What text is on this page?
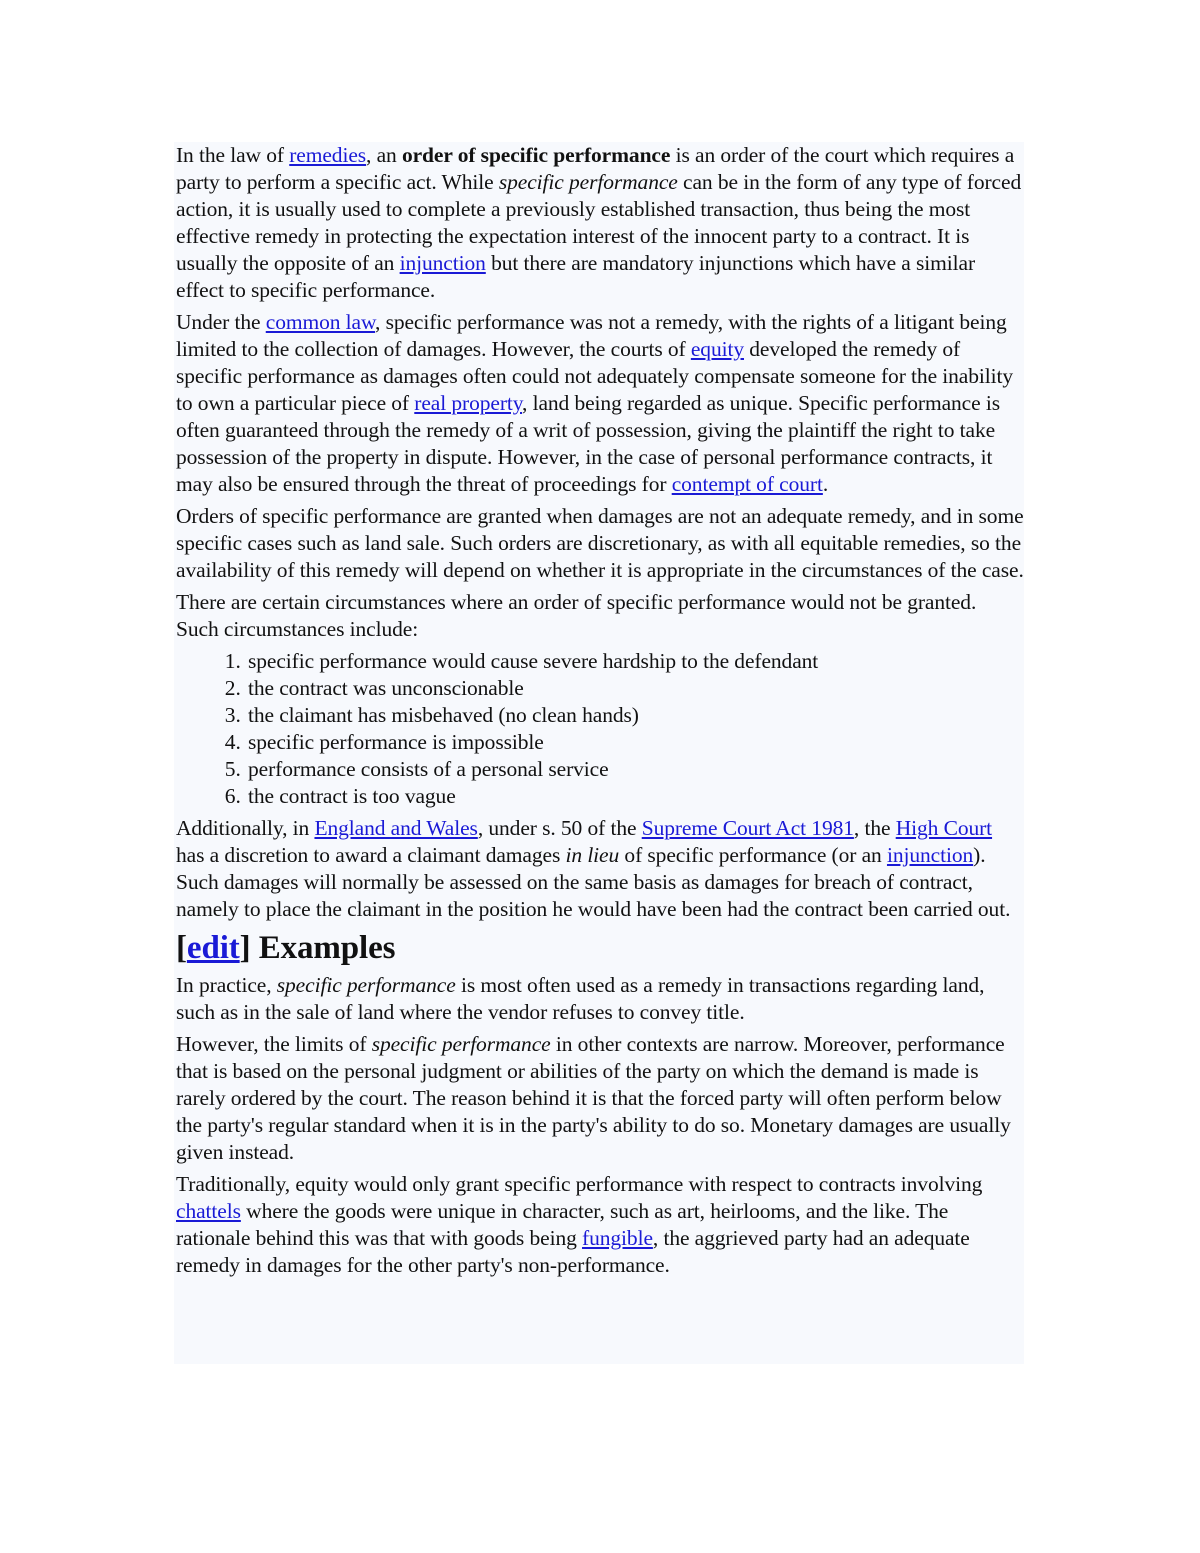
In the law of remedies, an order of specific performance is an order of the court which requires a party to perform a specific act. While specific performance can be in the form of any type of forced action, it is usually used to complete a previously established transaction, thus being the most effective remedy in protecting the expectation interest of the innocent party to a contract. It is usually the opposite of an injunction but there are mandatory injunctions which have a similar effect to specific performance.

Under the common law, specific performance was not a remedy, with the rights of a litigant being limited to the collection of damages. However, the courts of equity developed the remedy of specific performance as damages often could not adequately compensate someone for the inability to own a particular piece of real property, land being regarded as unique. Specific performance is often guaranteed through the remedy of a writ of possession, giving the plaintiff the right to take possession of the property in dispute. However, in the case of personal performance contracts, it may also be ensured through the threat of proceedings for contempt of court.

Orders of specific performance are granted when damages are not an adequate remedy, and in some specific cases such as land sale. Such orders are discretionary, as with all equitable remedies, so the availability of this remedy will depend on whether it is appropriate in the circumstances of the case.

There are certain circumstances where an order of specific performance would not be granted. Such circumstances include:

1. specific performance would cause severe hardship to the defendant
2. the contract was unconscionable
3. the claimant has misbehaved (no clean hands)
4. specific performance is impossible
5. performance consists of a personal service
6. the contract is too vague

Additionally, in England and Wales, under s. 50 of the Supreme Court Act 1981, the High Court has a discretion to award a claimant damages in lieu of specific performance (or an injunction). Such damages will normally be assessed on the same basis as damages for breach of contract, namely to place the claimant in the position he would have been had the contract been carried out.

[edit] Examples

In practice, specific performance is most often used as a remedy in transactions regarding land, such as in the sale of land where the vendor refuses to convey title.

However, the limits of specific performance in other contexts are narrow. Moreover, performance that is based on the personal judgment or abilities of the party on which the demand is made is rarely ordered by the court. The reason behind it is that the forced party will often perform below the party's regular standard when it is in the party's ability to do so. Monetary damages are usually given instead.

Traditionally, equity would only grant specific performance with respect to contracts involving chattels where the goods were unique in character, such as art, heirlooms, and the like. The rationale behind this was that with goods being fungible, the aggrieved party had an adequate remedy in damages for the other party's non-performance.
